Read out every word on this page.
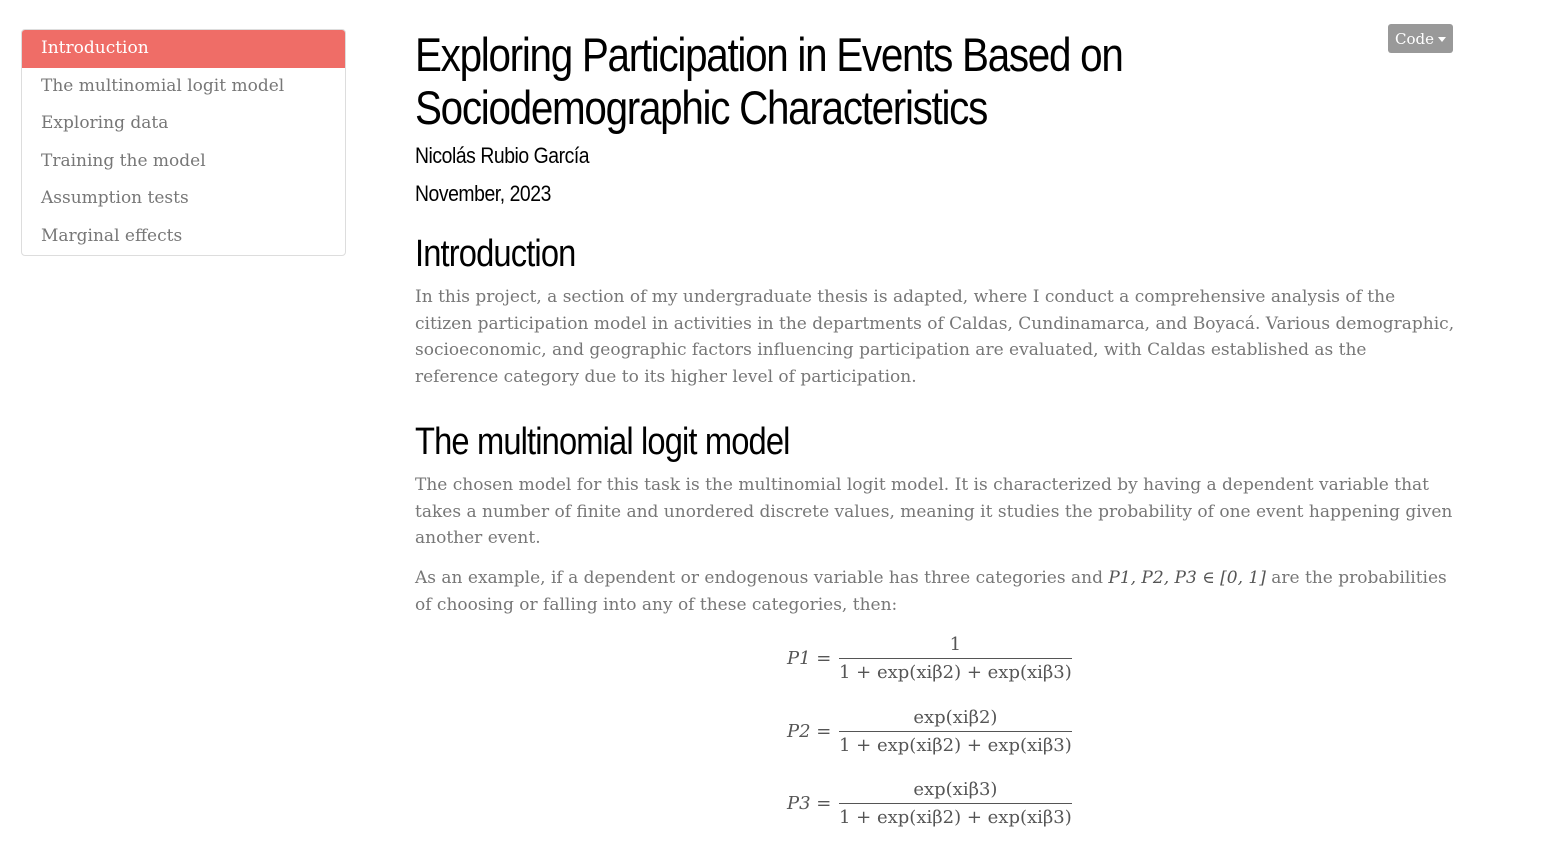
Introduction
The multinomial logit model
Exploring data
Training the model
Assumption tests
Marginal effects
Code
Exploring Participation in Events Based on Sociodemographic Characteristics
Nicolás Rubio García
November, 2023
Introduction

In this project, a section of my undergraduate thesis is adapted, where I conduct a comprehensive analysis of the citizen participation model in activities in the departments of Caldas, Cundinamarca, and Boyacá. Various demographic, socioeconomic, and geographic factors influencing participation are evaluated, with Caldas established as the reference category due to its higher level of participation.

The multinomial logit model

The chosen model for this task is the multinomial logit model. It is characterized by having a dependent variable that takes a number of finite and unordered discrete values, meaning it studies the probability of one event happening given another event.

As an example, if a dependent or endogenous variable has three categories and P1, P2, P3 ∈ [0, 1] are the probabilities of choosing or falling into any of these categories, then:

$P1 = \frac{1}{\text{1 + exp(xiβ2) + exp(xiβ3)}}$
$P2 = \frac{\text{exp(xiβ2)}}{\text{1 + exp(xiβ2) + exp(xiβ3)}}$
$P3 = \frac{\text{exp(xiβ3)}}{\text{1 + exp(xiβ2) + exp(xiβ3)}}$
